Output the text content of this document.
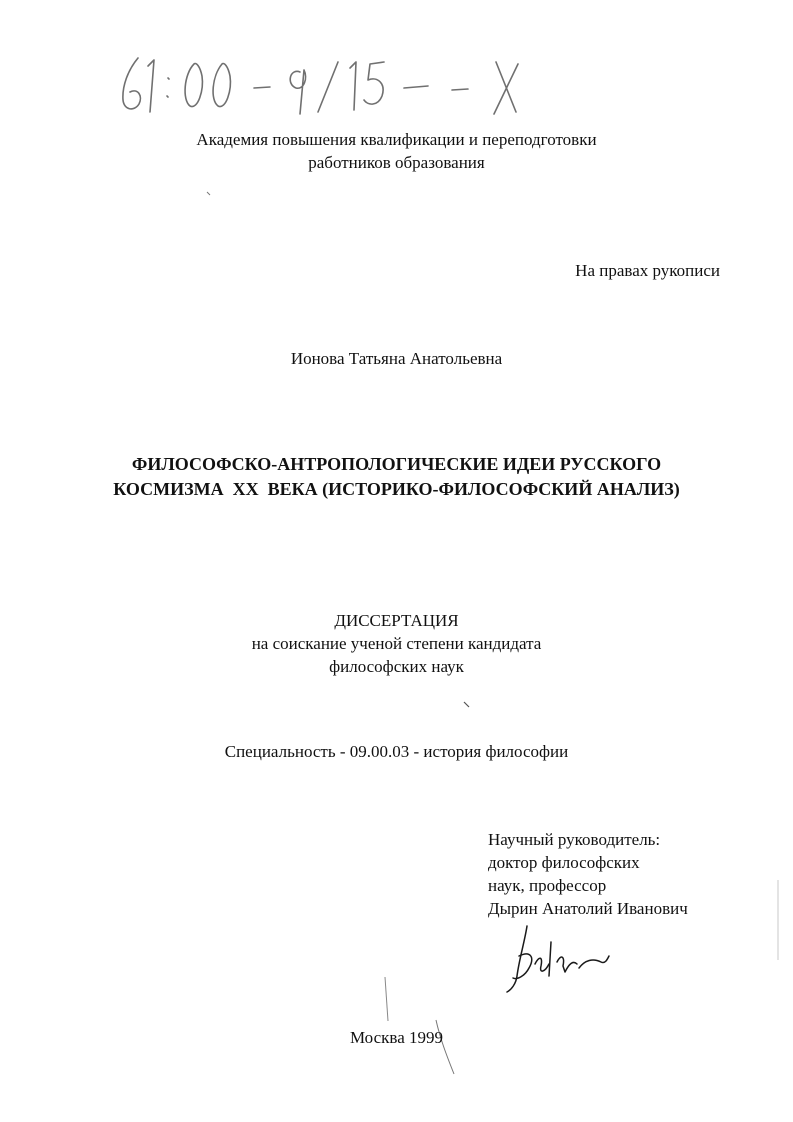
Академия повышения квалификации и переподготовки
работников образования
На правах рукописи
Ионова Татьяна Анатольевна
ФИЛОСОФСКО-АНТРОПОЛОГИЧЕСКИЕ ИДЕИ РУССКОГО
КОСМИЗМА  XX  ВЕКА (ИСТОРИКО-ФИЛОСОФСКИЙ АНАЛИЗ)
ДИССЕРТАЦИЯ
на соискание ученой степени кандидата
философских наук
Специальность - 09.00.03 - история философии
Научный руководитель:
доктор философских
наук, профессор
Дырин Анатолий Иванович
Москва 1999
